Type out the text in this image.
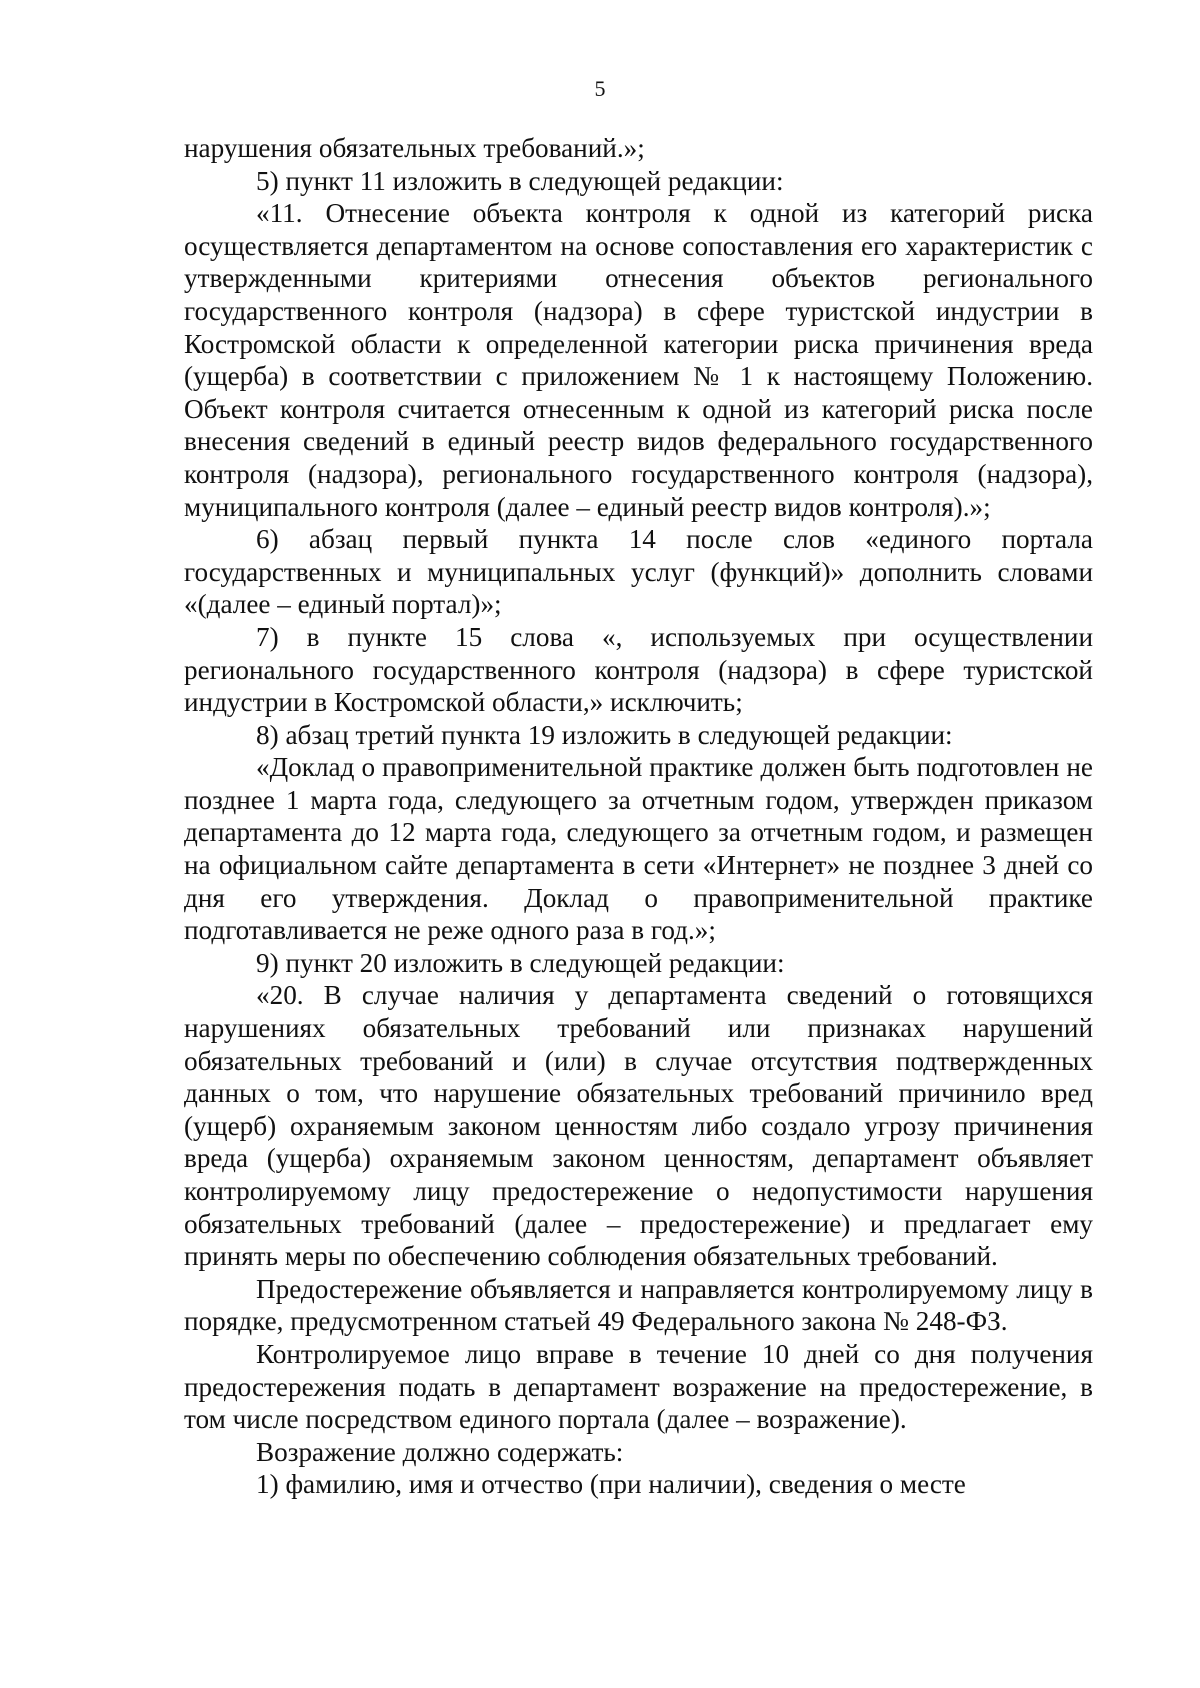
5

нарушения обязательных требований.»;

5) пункт 11 изложить в следующей редакции:

«11. Отнесение объекта контроля к одной из категорий риска осуществляется департаментом на основе сопоставления его характеристик с утвержденными критериями отнесения объектов регионального государственного контроля (надзора) в сфере туристской индустрии в Костромской области к определенной категории риска причинения вреда (ущерба) в соответствии с приложением № 1 к настоящему Положению. Объект контроля считается отнесенным к одной из категорий риска после внесения сведений в единый реестр видов федерального государственного контроля (надзора), регионального государственного контроля (надзора), муниципального контроля (далее – единый реестр видов контроля).»;

6) абзац первый пункта 14 после слов «единого портала государственных и муниципальных услуг (функций)» дополнить словами «(далее – единый портал)»;

7) в пункте 15 слова «, используемых при осуществлении регионального государственного контроля (надзора) в сфере туристской индустрии в Костромской области,» исключить;

8) абзац третий пункта 19 изложить в следующей редакции:

«Доклад о правоприменительной практике должен быть подготовлен не позднее 1 марта года, следующего за отчетным годом, утвержден приказом департамента до 12 марта года, следующего за отчетным годом, и размещен на официальном сайте департамента в сети «Интернет» не позднее 3 дней со дня его утверждения. Доклад о правоприменительной практике подготавливается не реже одного раза в год.»;

9) пункт 20 изложить в следующей редакции:

«20. В случае наличия у департамента сведений о готовящихся нарушениях обязательных требований или признаках нарушений обязательных требований и (или) в случае отсутствия подтвержденных данных о том, что нарушение обязательных требований причинило вред (ущерб) охраняемым законом ценностям либо создало угрозу причинения вреда (ущерба) охраняемым законом ценностям, департамент объявляет контролируемому лицу предостережение о недопустимости нарушения обязательных требований (далее – предостережение) и предлагает ему принять меры по обеспечению соблюдения обязательных требований.

Предостережение объявляется и направляется контролируемому лицу в порядке, предусмотренном статьей 49 Федерального закона № 248-ФЗ.

Контролируемое лицо вправе в течение 10 дней со дня получения предостережения подать в департамент возражение на предостережение, в том числе посредством единого портала (далее – возражение).

Возражение должно содержать:

1) фамилию, имя и отчество (при наличии), сведения о месте
